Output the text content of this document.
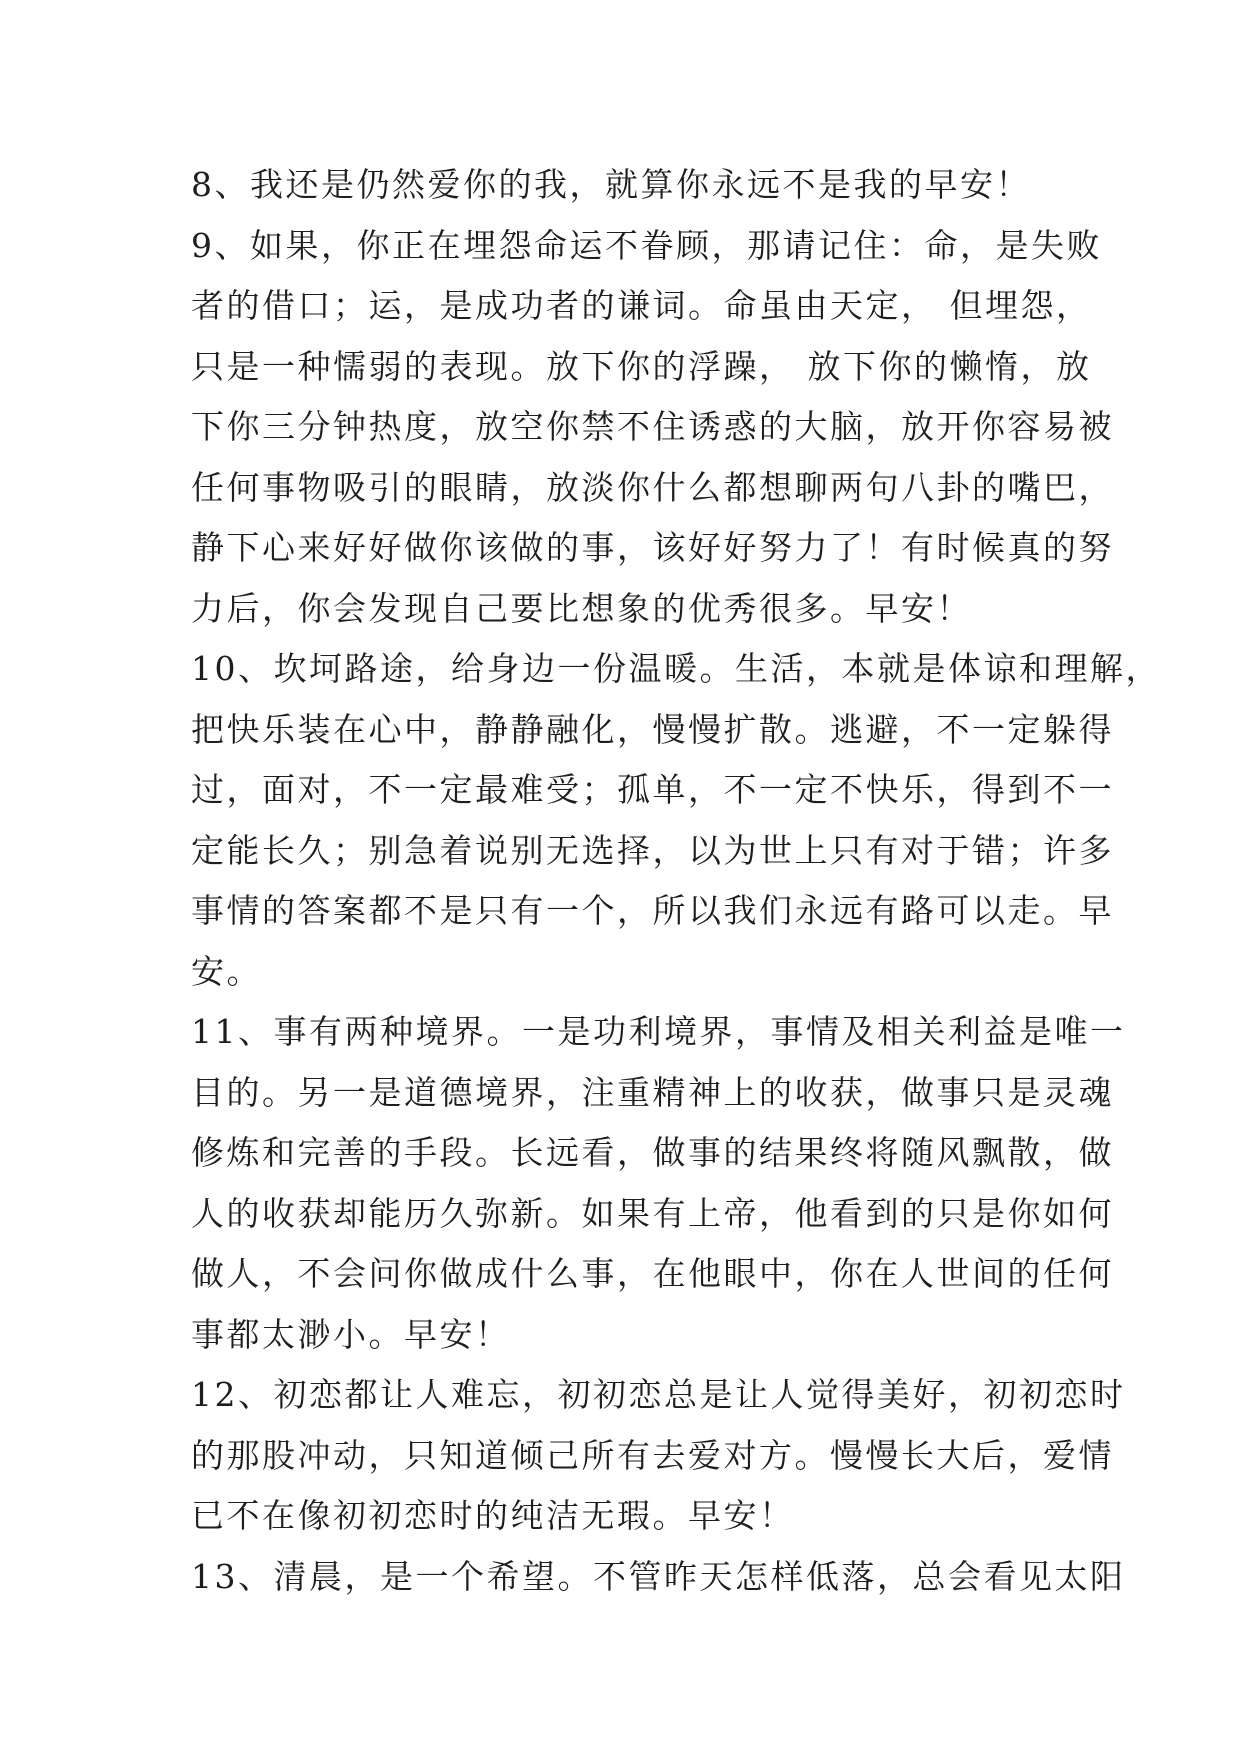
8、我还是仍然爱你的我，就算你永远不是我的早安！
9、如果，你正在埋怨命运不眷顾，那请记住：命，是失败
者的借口；运，是成功者的谦词。命虽由天定， 但埋怨，
只是一种懦弱的表现。放下你的浮躁， 放下你的懒惰，放
下你三分钟热度，放空你禁不住诱惑的大脑，放开你容易被
任何事物吸引的眼睛，放淡你什么都想聊两句八卦的嘴巴，
静下心来好好做你该做的事，该好好努力了！有时候真的努
力后，你会发现自己要比想象的优秀很多。早安！
10、坎坷路途，给身边一份温暖。生活，本就是体谅和理解，
把快乐装在心中，静静融化，慢慢扩散。逃避，不一定躲得
过，面对，不一定最难受；孤单，不一定不快乐，得到不一
定能长久；别急着说别无选择，以为世上只有对于错；许多
事情的答案都不是只有一个，所以我们永远有路可以走。早
安。
11、事有两种境界。一是功利境界，事情及相关利益是唯一
目的。另一是道德境界，注重精神上的收获，做事只是灵魂
修炼和完善的手段。长远看，做事的结果终将随风飘散，做
人的收获却能历久弥新。如果有上帝，他看到的只是你如何
做人，不会问你做成什么事，在他眼中，你在人世间的任何
事都太渺小。早安！
12、初恋都让人难忘，初初恋总是让人觉得美好，初初恋时
的那股冲动，只知道倾己所有去爱对方。慢慢长大后，爱情
已不在像初初恋时的纯洁无瑕。早安！
13、清晨，是一个希望。不管昨天怎样低落，总会看见太阳
